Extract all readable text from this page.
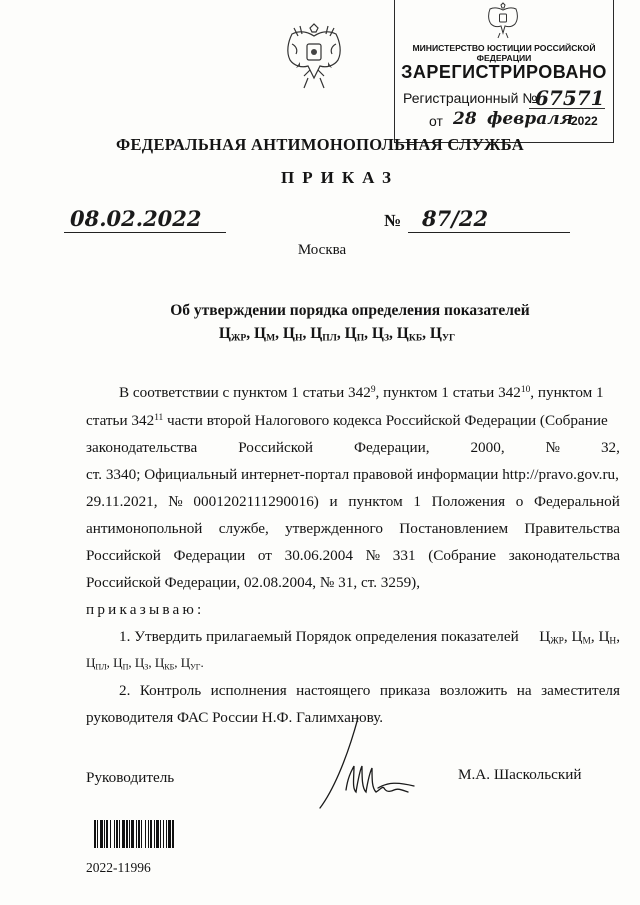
МИНИСТЕРСТВО ЮСТИЦИИ РОССИЙСКОЙ ФЕДЕРАЦИИ
ЗАРЕГИСТРИРОВАНО
Регистрационный №
67571
от 28 февраля
2022
ФЕДЕРАЛЬНАЯ АНТИМОНОПОЛЬНАЯ СЛУЖБА
ПРИКАЗ
08.02.2022	№ 87/22
Москва
Об утверждении порядка определения показателей
$Ц_{ЖР}$, $Ц_М$, $Ц_Н$, $Ц_{ПЛ}$, $Ц_П$, $Ц_З$, $Ц_{КБ}$, $Ц_{УГ}$
В соответствии с пунктом 1 статьи $342^9$, пунктом 1 статьи $342^{10}$, пунктом 1
статьи $342^{11}$ части второй Налогового кодекса Российской Федерации (Собрание
законодательства	Российской	Федерации,	2000,	№	32,
ст. 3340; Официальный интернет-портал правовой информации http://pravo.gov.ru,
29.11.2021, № 0001202111290016) и пунктом 1 Положения о Федеральной
антимонопольной службе, утвержденного Постановлением Правительства
Российской Федерации от 30.06.2004 № 331 (Собрание законодательства
Российской Федерации, 02.08.2004, № 31, ст. 3259),
приказываю:
1. Утвердить прилагаемый Порядок определения показателей $Ц_{ЖР}$, $Ц_М$, $Ц_Н$,
$Ц_{ПЛ}$, $Ц_П$, $Ц_З$, $Ц_{КБ}$, $Ц_{УГ}$.
2. Контроль исполнения настоящего приказа возложить на заместителя
руководителя ФАС России Н.Ф. Галимханову.
Руководитель	М.А. Шаскольский
2022-11996
